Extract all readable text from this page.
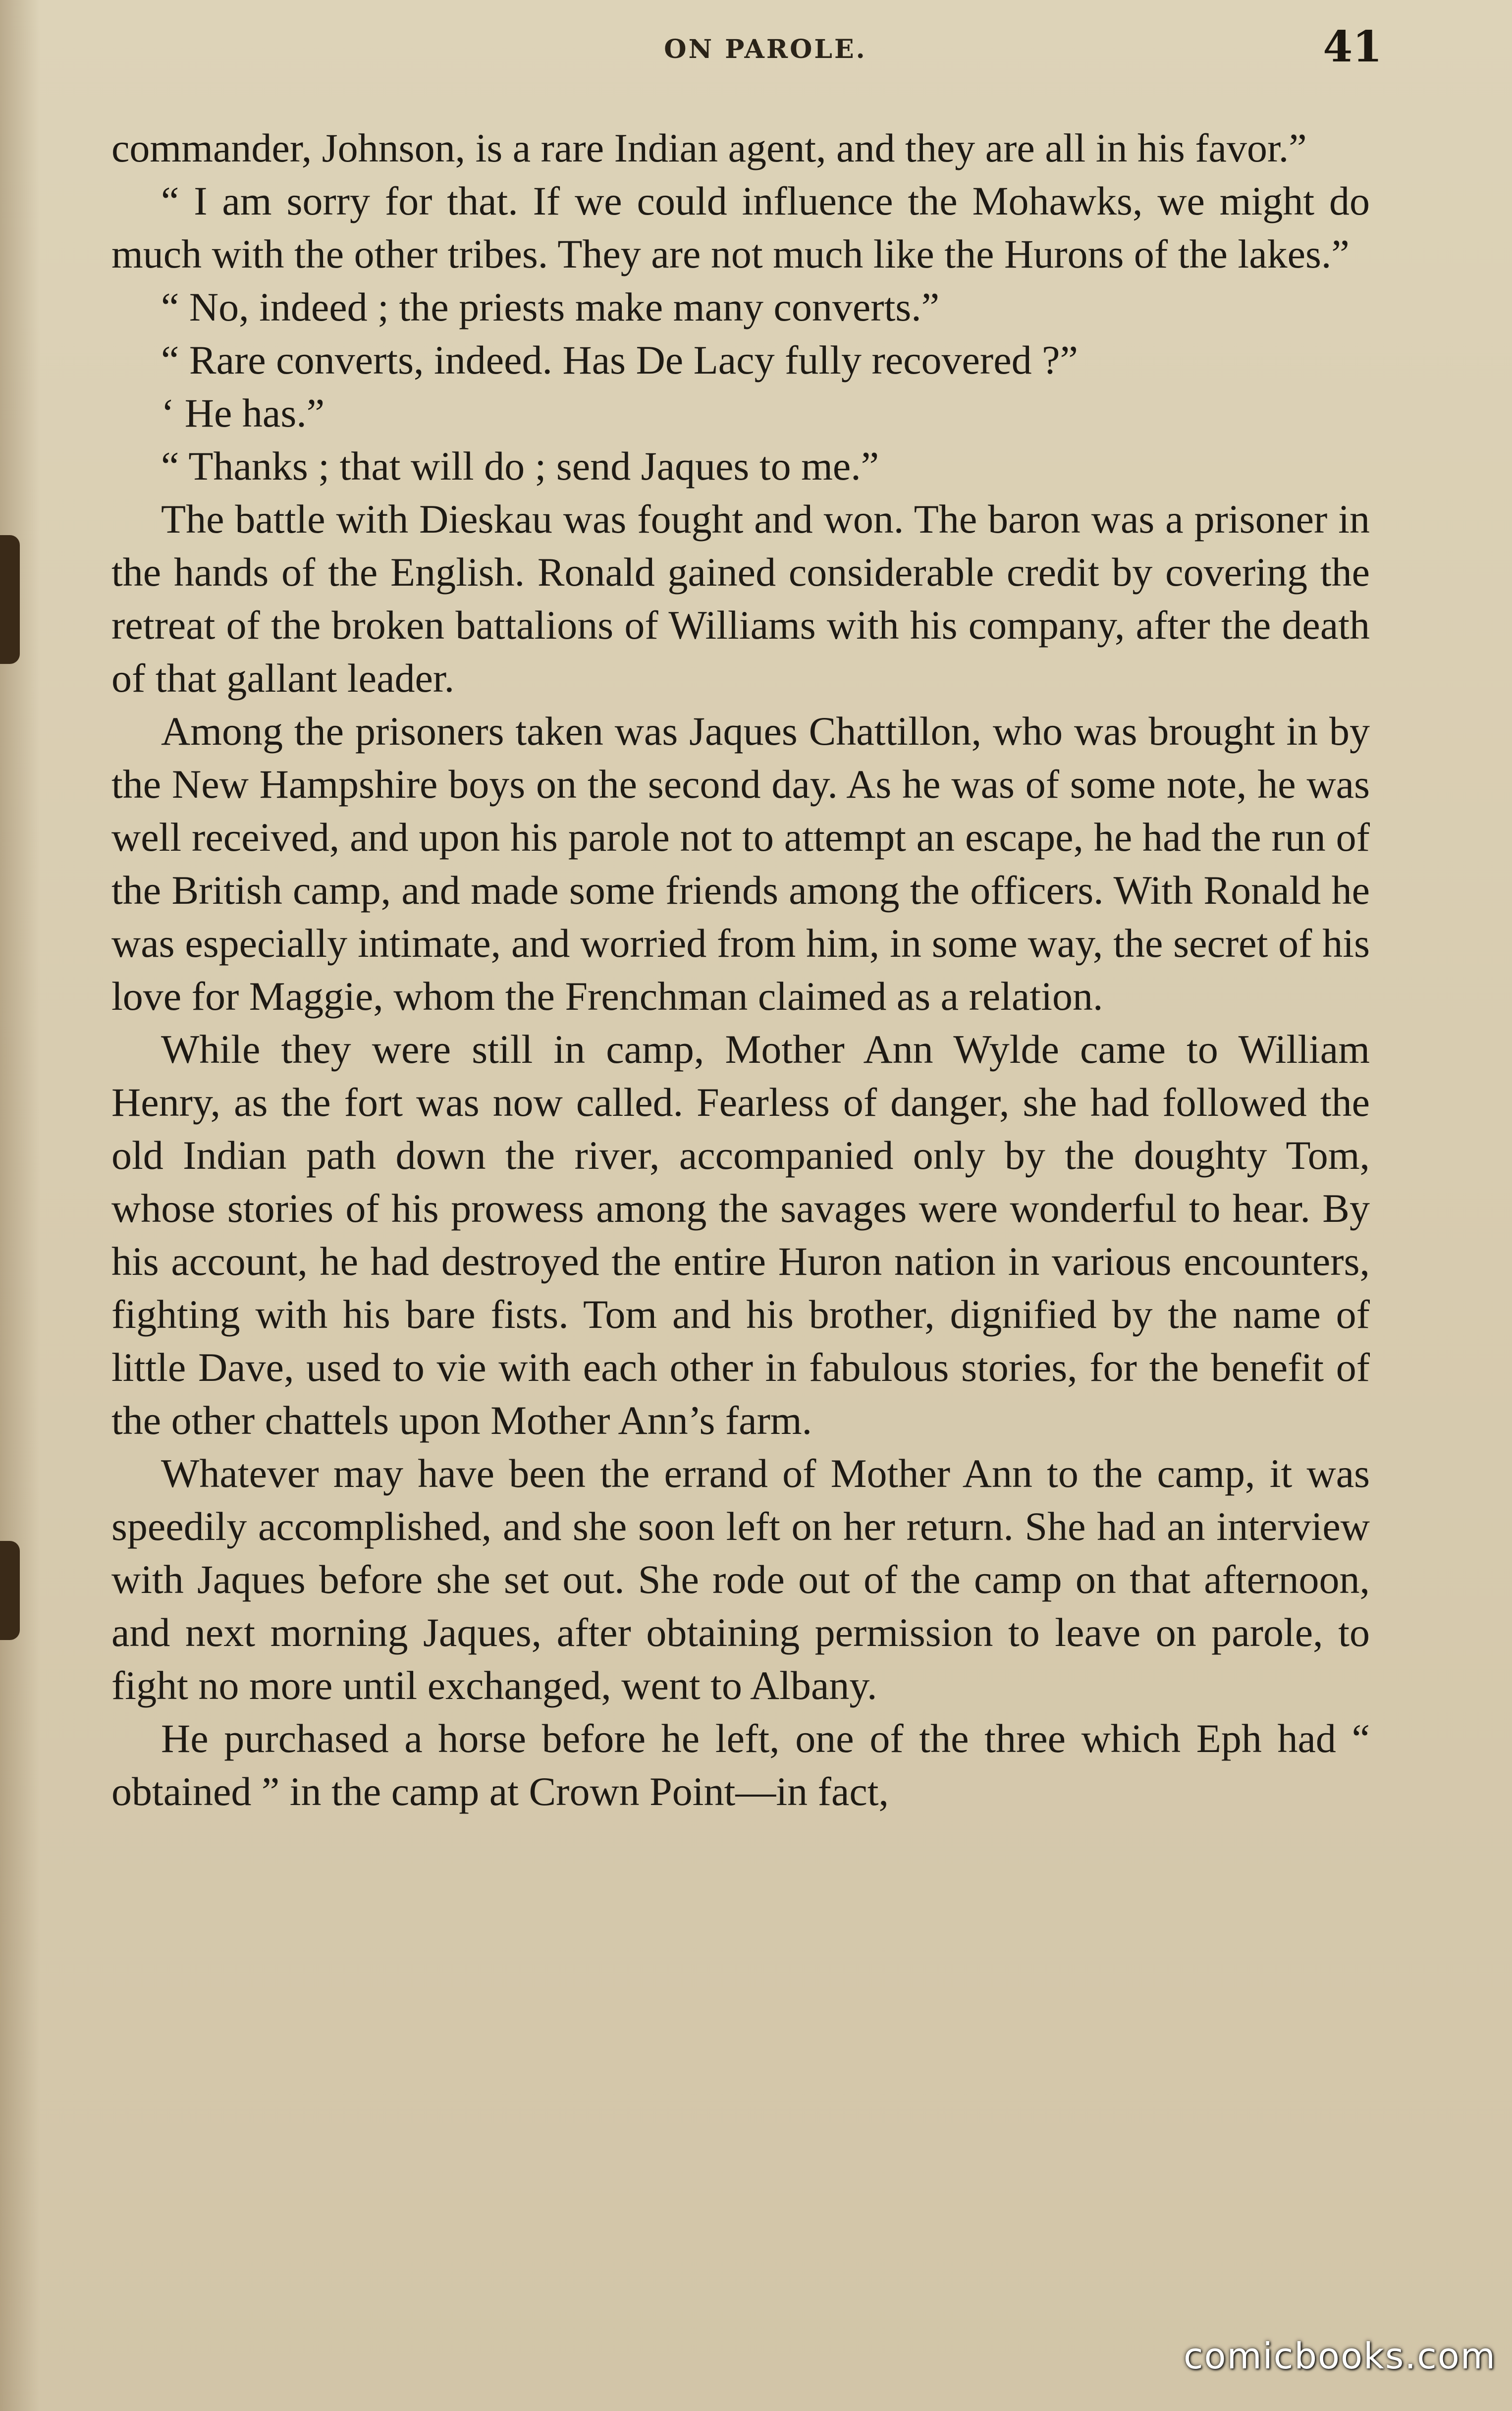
ON PAROLE.	41

commander, Johnson, is a rare Indian agent, and they are all in his favor.”

“ I am sorry for that. If we could influence the Mohawks, we might do much with the other tribes. They are not much like the Hurons of the lakes.”

“ No, indeed ; the priests make many converts.”

“ Rare converts, indeed. Has De Lacy fully recovered ?”

‘ He has.”

“ Thanks ; that will do ; send Jaques to me.”

The battle with Dieskau was fought and won. The baron was a prisoner in the hands of the English. Ronald gained considerable credit by covering the retreat of the broken battalions of Williams with his company, after the death of that gallant leader.

Among the prisoners taken was Jaques Chattillon, who was brought in by the New Hampshire boys on the second day. As he was of some note, he was well received, and upon his parole not to attempt an escape, he had the run of the British camp, and made some friends among the officers. With Ronald he was especially intimate, and worried from him, in some way, the secret of his love for Maggie, whom the Frenchman claimed as a relation.

While they were still in camp, Mother Ann Wylde came to William Henry, as the fort was now called. Fearless of danger, she had followed the old Indian path down the river, accompanied only by the doughty Tom, whose stories of his prowess among the savages were wonderful to hear. By his account, he had destroyed the entire Huron nation in various encounters, fighting with his bare fists. Tom and his brother, dignified by the name of little Dave, used to vie with each other in fabulous stories, for the benefit of the other chattels upon Mother Ann’s farm.

Whatever may have been the errand of Mother Ann to the camp, it was speedily accomplished, and she soon left on her return. She had an interview with Jaques before she set out. She rode out of the camp on that afternoon, and next morning Jaques, after obtaining permission to leave on parole, to fight no more until exchanged, went to Albany.

He purchased a horse before he left, one of the three which Eph had “ obtained ” in the camp at Crown Point—in fact,

comicbooks.com
